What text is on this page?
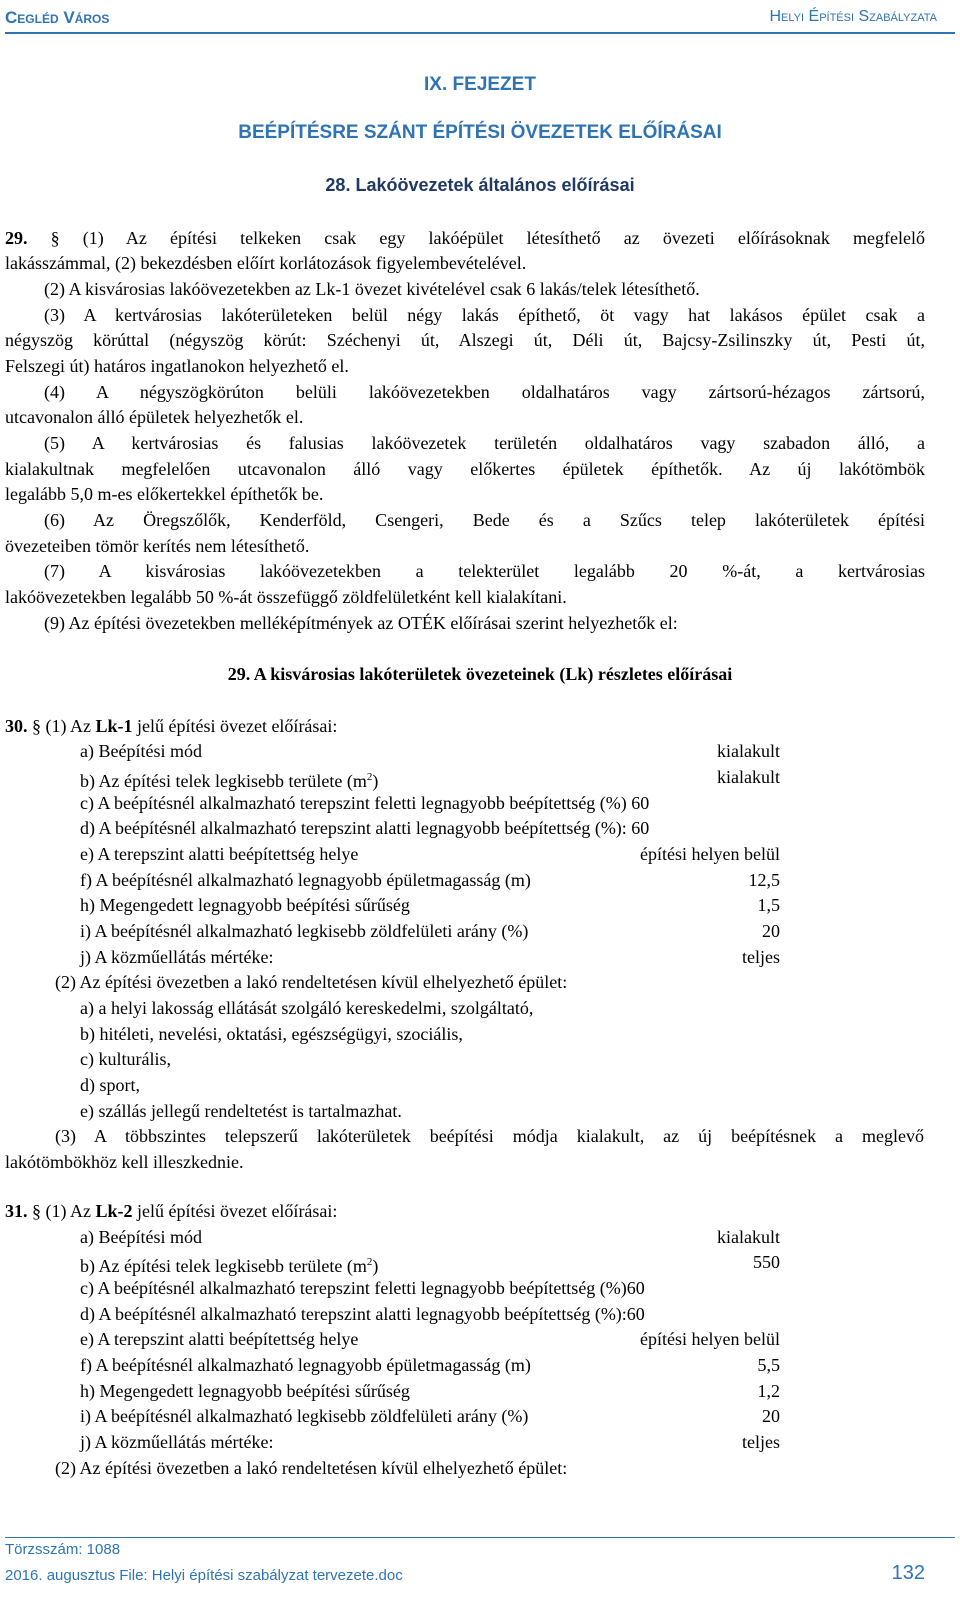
Cegléd Város	Helyi Építési Szabályzata
IX. FEJEZET
BEÉPÍTÉSRE SZÁNT ÉPÍTÉSI ÖVEZETEK ELŐÍRÁSAI
28. Lakóövezetek általános előírásai
29. § (1) Az építési telkeken csak egy lakóépület létesíthető az övezeti előírásoknak megfelelő
lakásszámmal, (2) bekezdésben előírt korlátozások figyelembevételével.
(2) A kisvárosias lakóövezetekben az Lk-1 övezet kivételével csak 6 lakás/telek létesíthető.
(3) A kertvárosias lakóterületeken belül négy lakás építhető, öt vagy hat lakásos épület csak a
négyszög körúttal (négyszög körút: Széchenyi út, Alszegi út, Déli út, Bajcsy-Zsilinszky út, Pesti út,
Felszegi út) határos ingatlanokon helyezhető el.
(4) A négyszögkörúton belüli lakóövezetekben oldalhatáros vagy zártsorú-hézagos zártsorú,
utcavonalon álló épületek helyezhetők el.
(5) A kertvárosias és falusias lakóövezetek területén oldalhatáros vagy szabadon álló, a
kialakultnak megfelelően utcavonalon álló vagy előkertes épületek építhetők. Az új lakótömbök
legalább 5,0 m-es előkertekkel építhetők be.
(6) Az Öregszőlők, Kenderföld, Csengeri, Bede és a Szűcs telep lakóterületek építési
övezeteiben tömör kerítés nem létesíthető.
(7) A kisvárosias lakóövezetekben a telekterület legalább 20 %-át, a kertvárosias
lakóövezetekben legalább 50 %-át összefüggő zöldfelületként kell kialakítani.
(9) Az építési övezetekben melléképítmények az OTÉK előírásai szerint helyezhetők el:
29. A kisvárosias lakóterületek övezeteinek (Lk) részletes előírásai
30. § (1) Az Lk-1 jelű építési övezet előírásai:
a) Beépítési mód	kialakult
b) Az építési telek legkisebb területe $(m^2)$	kialakult
c) A beépítésnél alkalmazható terepszint feletti legnagyobb beépítettség (%) 60
d) A beépítésnél alkalmazható terepszint alatti legnagyobb beépítettség (%): 60
e) A terepszint alatti beépítettség helye	építési helyen belül
f) A beépítésnél alkalmazható legnagyobb épületmagasság (m)	12,5
h) Megengedett legnagyobb beépítési sűrűség	1,5
i) A beépítésnél alkalmazható legkisebb zöldfelületi arány (%)	20
j) A közműellátás mértéke:	teljes
(2) Az építési övezetben a lakó rendeltetésen kívül elhelyezhető épület:
a) a helyi lakosság ellátását szolgáló kereskedelmi, szolgáltató,
b) hitéleti, nevelési, oktatási, egészségügyi, szociális,
c) kulturális,
d) sport,
e) szállás jellegű rendeltetést is tartalmazhat.
(3) A többszintes telepszerű lakóterületek beépítési módja kialakult, az új beépítésnek a meglevő
lakótömbökhöz kell illeszkednie.
31. § (1) Az Lk-2 jelű építési övezet előírásai:
a) Beépítési mód	kialakult
b) Az építési telek legkisebb területe $(m^2)$	550
c) A beépítésnél alkalmazható terepszint feletti legnagyobb beépítettség (%)60
d) A beépítésnél alkalmazható terepszint alatti legnagyobb beépítettség (%):60
e) A terepszint alatti beépítettség helye	építési helyen belül
f) A beépítésnél alkalmazható legnagyobb épületmagasság (m)	5,5
h) Megengedett legnagyobb beépítési sűrűség	1,2
i) A beépítésnél alkalmazható legkisebb zöldfelületi arány (%)	20
j) A közműellátás mértéke:	teljes
(2) Az építési övezetben a lakó rendeltetésen kívül elhelyezhető épület:
Törzsszám: 1088
2016. augusztus File: Helyi építési szabályzat tervezete.doc	132
